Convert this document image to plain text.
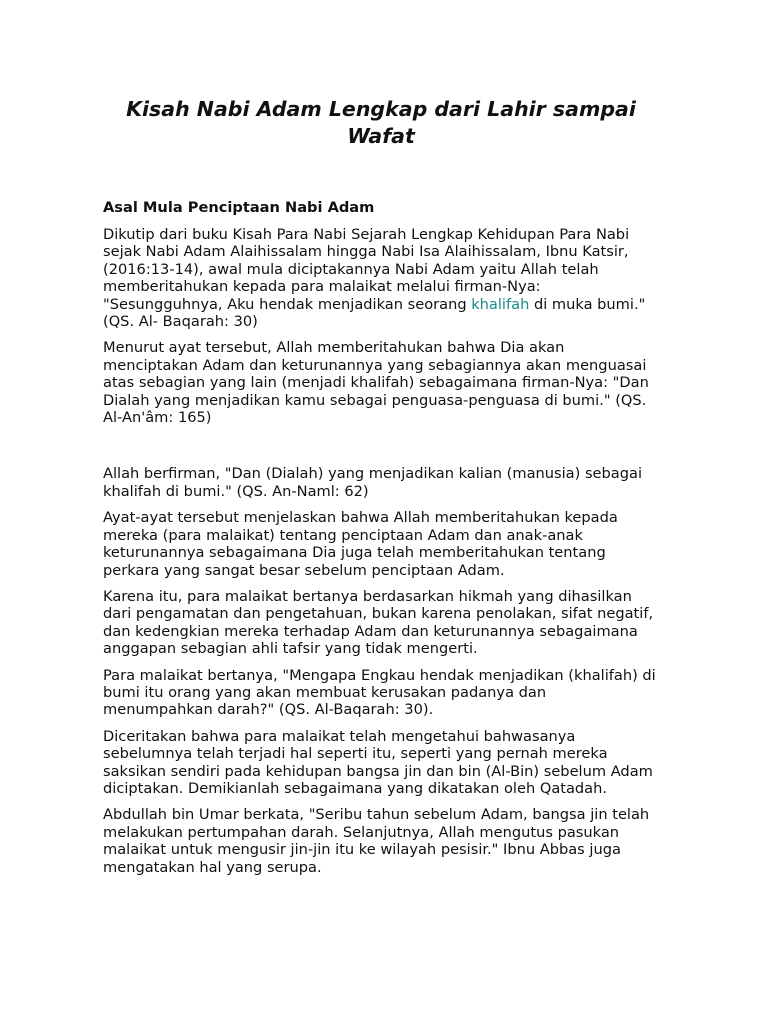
Kisah Nabi Adam Lengkap dari Lahir sampai Wafat
Asal Mula Penciptaan Nabi Adam

Dikutip dari buku Kisah Para Nabi Sejarah Lengkap Kehidupan Para Nabi sejak Nabi Adam Alaihissalam hingga Nabi Isa Alaihissalam, Ibnu Katsir, (2016:13-14), awal mula diciptakannya Nabi Adam yaitu Allah telah memberitahukan kepada para malaikat melalui firman-Nya: "Sesungguhnya, Aku hendak menjadikan seorang khalifah di muka bumi." (QS. Al- Baqarah: 30)

Menurut ayat tersebut, Allah memberitahukan bahwa Dia akan menciptakan Adam dan keturunannya yang sebagiannya akan menguasai atas sebagian yang lain (menjadi khalifah) sebagaimana firman-Nya: "Dan Dialah yang menjadikan kamu sebagai penguasa-penguasa di bumi." (QS. Al-An'âm: 165)

Allah berfirman, "Dan (Dialah) yang menjadikan kalian (manusia) sebagai khalifah di bumi." (QS. An-Naml: 62)

Ayat-ayat tersebut menjelaskan bahwa Allah memberitahukan kepada mereka (para malaikat) tentang penciptaan Adam dan anak-anak keturunannya sebagaimana Dia juga telah memberitahukan tentang perkara yang sangat besar sebelum penciptaan Adam.

Karena itu, para malaikat bertanya berdasarkan hikmah yang dihasilkan dari pengamatan dan pengetahuan, bukan karena penolakan, sifat negatif, dan kedengkian mereka terhadap Adam dan keturunannya sebagaimana anggapan sebagian ahli tafsir yang tidak mengerti.

Para malaikat bertanya, "Mengapa Engkau hendak menjadikan (khalifah) di bumi itu orang yang akan membuat kerusakan padanya dan menumpahkan darah?" (QS. Al-Baqarah: 30).

Diceritakan bahwa para malaikat telah mengetahui bahwasanya sebelumnya telah terjadi hal seperti itu, seperti yang pernah mereka saksikan sendiri pada kehidupan bangsa jin dan bin (Al-Bin) sebelum Adam diciptakan. Demikianlah sebagaimana yang dikatakan oleh Qatadah.

Abdullah bin Umar berkata, "Seribu tahun sebelum Adam, bangsa jin telah melakukan pertumpahan darah. Selanjutnya, Allah mengutus pasukan malaikat untuk mengusir jin-jin itu ke wilayah pesisir." Ibnu Abbas juga mengatakan hal yang serupa.
